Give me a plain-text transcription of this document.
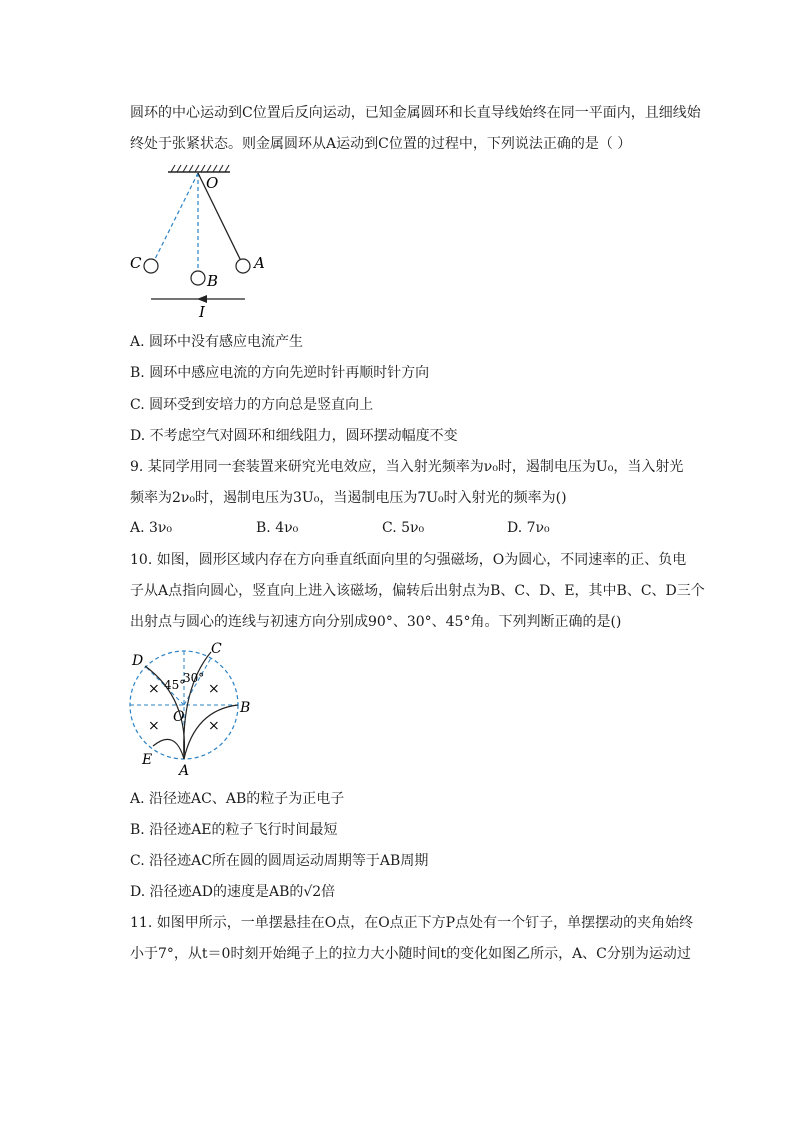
圆环的中心运动到C位置后反向运动，已知金属圆环和长直导线始终在同一平面内，且细线始
终处于张紧状态。则金属圆环从A运动到C位置的过程中，下列说法正确的是（ ）
O
C
B
A
I
A. 圆环中没有感应电流产生
B. 圆环中感应电流的方向先逆时针再顺时针方向
C. 圆环受到安培力的方向总是竖直向上
D. 不考虑空气对圆环和细线阻力，圆环摆动幅度不变
9. 某同学用同一套装置来研究光电效应，当入射光频率为ν₀时，遏制电压为U₀，当入射光
频率为2ν₀时，遏制电压为3U₀，当遏制电压为7U₀时入射光的频率为()
A. 3ν₀	B. 4ν₀	C. 5ν₀	D. 7ν₀
10. 如图，圆形区域内存在方向垂直纸面向里的匀强磁场，O为圆心，不同速率的正、负电
子从A点指向圆心，竖直向上进入该磁场，偏转后出射点为B、C、D、E，其中B、C、D三个
出射点与圆心的连线与初速方向分别成90°、30°、45°角。下列判断正确的是()
×	×
×	×
45°
30°
D
C
B
O
E
A
A. 沿径迹AC、AB的粒子为正电子
B. 沿径迹AE的粒子飞行时间最短
C. 沿径迹AC所在圆的圆周运动周期等于AB周期
D. 沿径迹AD的速度是AB的√2倍
11. 如图甲所示，一单摆悬挂在O点，在O点正下方P点处有一个钉子，单摆摆动的夹角始终
小于7°，从t＝0时刻开始绳子上的拉力大小随时间t的变化如图乙所示，A、C分别为运动过
